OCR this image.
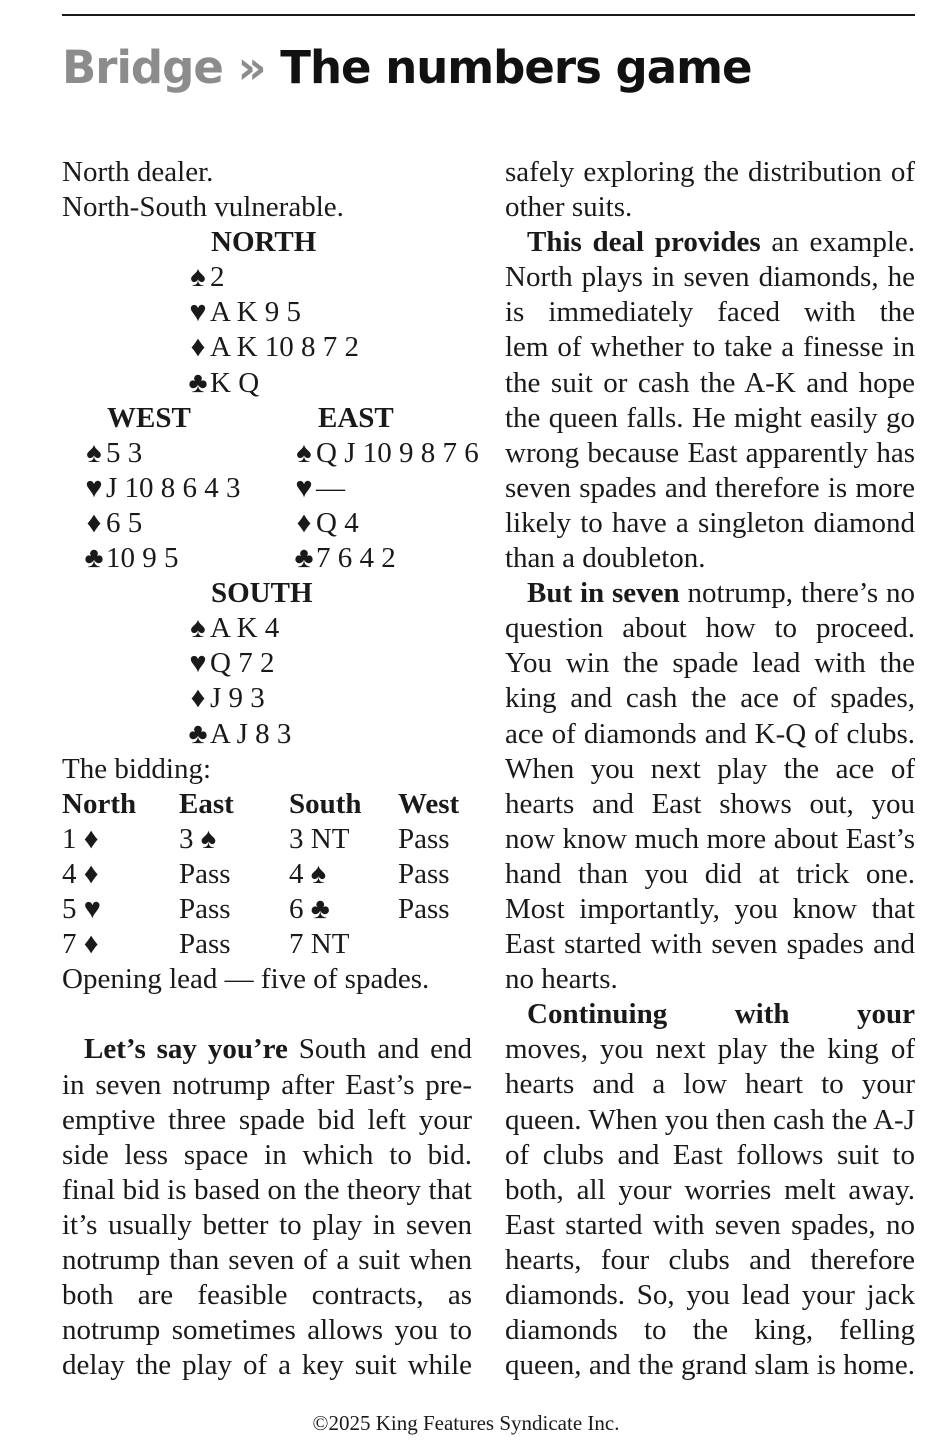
Bridge » The numbers game
North dealer.
North-South vulnerable.
NORTH
♠ 2
♥ A K 9 5
♦ A K 10 8 7 2
♣K Q
WEST	EAST
♠ 5 3
♥ J 10 8 6 4 3
♦ 6 5
♣10 9 5
♠ Q J 10 9 8 7 6
♥ —
♦ Q 4
♣7 6 4 2
SOUTH
♠ A K 4
♥ Q 7 2
♦ J 9 3
♣A J 8 3
The bidding:
North	East	South	West
1 ♦	3 ♠	3 NT	Pass
4 ♦	Pass	4 ♠	Pass
5 ♥	Pass	6 ♣	Pass
7 ♦	Pass	7 NT
Opening lead — five of spades.
Let’s say you’re South and end
in seven notrump after East’s pre-
emptive three spade bid left your
side less space in which to bid.
final bid is based on the theory that
it’s usually better to play in seven
notrump than seven of a suit when
both are feasible contracts, as
notrump sometimes allows you to
delay the play of a key suit while
safely exploring the distribution of
other suits.
This deal provides an example.
North plays in seven diamonds, he
is immediately faced with the
lem of whether to take a finesse in
the suit or cash the A-K and hope
the queen falls. He might easily go
wrong because East apparently has
seven spades and therefore is more
likely to have a singleton diamond
than a doubleton.
But in seven notrump, there’s no
question about how to proceed.
You win the spade lead with the
king and cash the ace of spades,
ace of diamonds and K-Q of clubs.
When you next play the ace of
hearts and East shows out, you
now know much more about East’s
hand than you did at trick one.
Most importantly, you know that
East started with seven spades and
no hearts.
Continuing with your
moves, you next play the king of
hearts and a low heart to your
queen. When you then cash the A-J
of clubs and East follows suit to
both, all your worries melt away.
East started with seven spades, no
hearts, four clubs and therefore
diamonds. So, you lead your jack
diamonds to the king, felling
queen, and the grand slam is home.
©2025 King Features Syndicate Inc.
